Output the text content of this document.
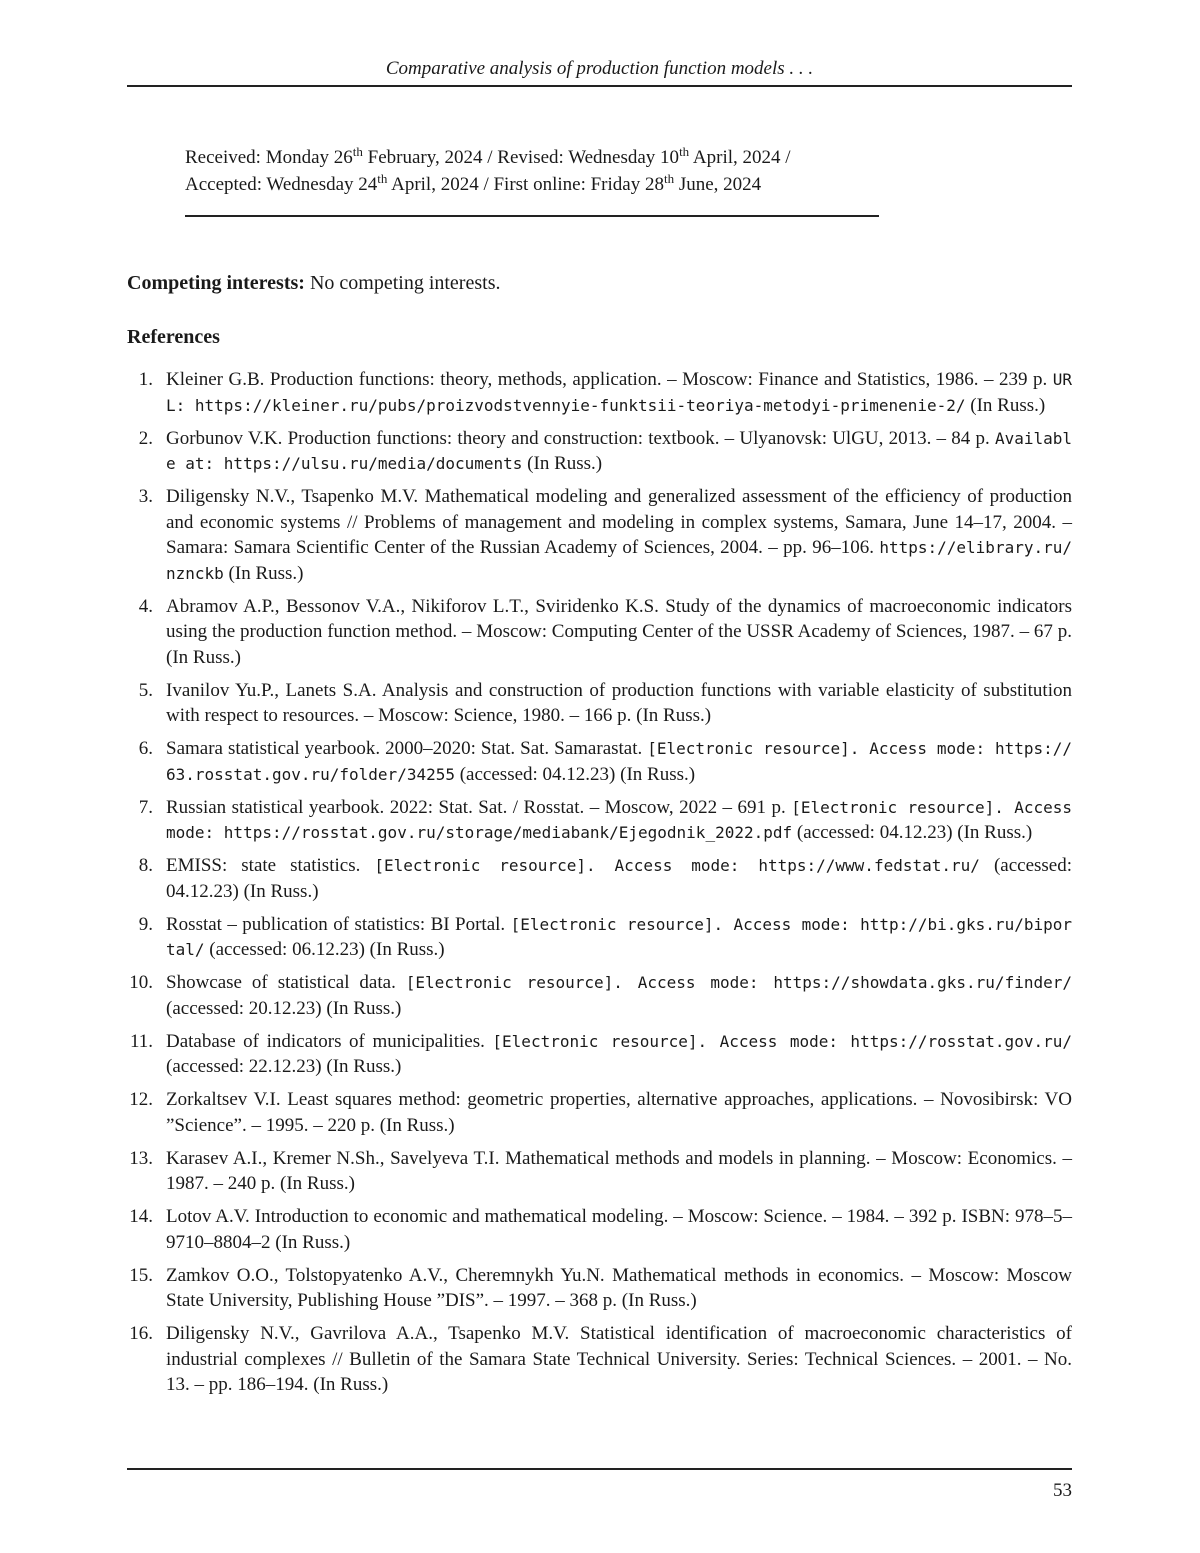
Comparative analysis of production function models . . .
Received: Monday 26th February, 2024 / Revised: Wednesday 10th April, 2024 /
Accepted: Wednesday 24th April, 2024 / First online: Friday 28th June, 2024
Competing interests: No competing interests.
References
1. Kleiner G.B. Production functions: theory, methods, application. – Moscow: Finance and Statistics, 1986. – 239 p. URL: https://kleiner.ru/pubs/proizvodstvennyie-funktsii-teoriya-metodyi-primenenie-2/ (In Russ.)
2. Gorbunov V.K. Production functions: theory and construction: textbook. – Ulyanovsk: UlGU, 2013. – 84 p. Available at: https://ulsu.ru/media/documents (In Russ.)
3. Diligensky N.V., Tsapenko M.V. Mathematical modeling and generalized assessment of the efficiency of production and economic systems // Problems of management and modeling in complex systems, Samara, June 14–17, 2004. – Samara: Samara Scientific Center of the Russian Academy of Sciences, 2004. – pp. 96–106. https://elibrary.ru/nznckb (In Russ.)
4. Abramov A.P., Bessonov V.A., Nikiforov L.T., Sviridenko K.S. Study of the dynamics of macroeconomic indicators using the production function method. – Moscow: Computing Center of the USSR Academy of Sciences, 1987. – 67 p. (In Russ.)
5. Ivanilov Yu.P., Lanets S.A. Analysis and construction of production functions with variable elasticity of substitution with respect to resources. – Moscow: Science, 1980. – 166 p. (In Russ.)
6. Samara statistical yearbook. 2000–2020: Stat. Sat. Samarastat. [Electronic resource]. Access mode: https://63.rosstat.gov.ru/folder/34255 (accessed: 04.12.23) (In Russ.)
7. Russian statistical yearbook. 2022: Stat. Sat. / Rosstat. – Moscow, 2022 – 691 p. [Electronic resource]. Access mode: https://rosstat.gov.ru/storage/mediabank/Ejegodnik_2022.pdf (accessed: 04.12.23) (In Russ.)
8. EMISS: state statistics. [Electronic resource]. Access mode: https://www.fedstat.ru/ (accessed: 04.12.23) (In Russ.)
9. Rosstat – publication of statistics: BI Portal. [Electronic resource]. Access mode: http://bi.gks.ru/biportal/ (accessed: 06.12.23) (In Russ.)
10. Showcase of statistical data. [Electronic resource]. Access mode: https://showdata.gks.ru/finder/ (accessed: 20.12.23) (In Russ.)
11. Database of indicators of municipalities. [Electronic resource]. Access mode: https://rosstat.gov.ru/ (accessed: 22.12.23) (In Russ.)
12. Zorkaltsev V.I. Least squares method: geometric properties, alternative approaches, applications. – Novosibirsk: VO ”Science”. – 1995. – 220 p. (In Russ.)
13. Karasev A.I., Kremer N.Sh., Savelyeva T.I. Mathematical methods and models in planning. – Moscow: Economics. – 1987. – 240 p. (In Russ.)
14. Lotov A.V. Introduction to economic and mathematical modeling. – Moscow: Science. – 1984. – 392 p. ISBN: 978–5–9710–8804–2 (In Russ.)
15. Zamkov O.O., Tolstopyatenko A.V., Cheremnykh Yu.N. Mathematical methods in economics. – Moscow: Moscow State University, Publishing House ”DIS”. – 1997. – 368 p. (In Russ.)
16. Diligensky N.V., Gavrilova A.A., Tsapenko M.V. Statistical identification of macroeconomic characteristics of industrial complexes // Bulletin of the Samara State Technical University. Series: Technical Sciences. – 2001. – No. 13. – pp. 186–194. (In Russ.)
53
